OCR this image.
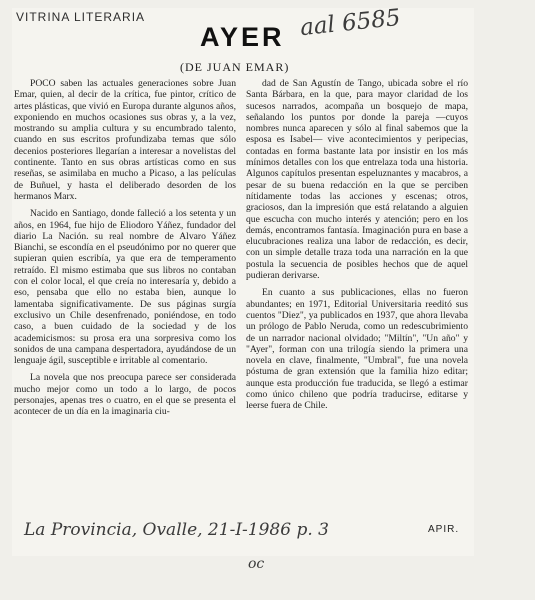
VITRINA LITERARIA	aal 6585
AYER
(DE JUAN EMAR)

POCO saben las actuales generaciones sobre Juan Emar, quien, al decir de la crítica, fue pintor, crítico de artes plásticas, que vivió en Europa durante algunos años, exponiendo en muchos ocasiones sus obras y, a la vez, mostrando su amplia cultura y su encumbrado talento, cuando en sus escritos profundizaba temas que sólo decenios posteriores llegarían a interesar a novelistas del continente. Tanto en sus obras artísticas como en sus reseñas, se asimilaba en mucho a Picaso, a las películas de Buñuel, y hasta el deliberado desorden de los hermanos Marx.

Nacido en Santiago, donde falleció a los setenta y un años, en 1964, fue hijo de Eliodoro Yáñez, fundador del diario La Nación. su real nombre de Alvaro Yáñez Bianchi, se escondía en el pseudónimo por no querer que supieran quien escribía, ya que era de temperamento retraído. El mismo estimaba que sus libros no contaban con el color local, el que creía no interesaría y, debido a eso, pensaba que ello no estaba bien, aunque lo lamentaba significativamente. De sus páginas surgía exclusivo un Chile desenfrenado, poniéndose, en todo caso, a buen cuidado de la sociedad y de los academicismos: su prosa era una sorpresiva como los sonidos de una campana despertadora, ayudándose de un lenguaje ágil, susceptible e irritable al comentario.

La novela que nos preocupa parece ser considerada mucho mejor como un todo a lo largo, de pocos personajes, apenas tres o cuatro, en el que se presenta el acontecer de un día en la imaginaria ciu-

dad de San Agustín de Tango, ubicada sobre el río Santa Bárbara, en la que, para mayor claridad de los sucesos narrados, acompaña un bosquejo de mapa, señalando los puntos por donde la pareja —cuyos nombres nunca aparecen y sólo al final sabemos que la esposa es Isabel— vive acontecimientos y peripecias, contadas en forma bastante lata por insistir en los más mínimos detalles con los que entrelaza toda una historia. Algunos capítulos presentan espeluznantes y macabros, a pesar de su buena redacción en la que se perciben nítidamente todas las acciones y escenas; otros, graciosos, dan la impresión que está relatando a alguien que escucha con mucho interés y atención; pero en los demás, encontramos fantasía. Imaginación pura en base a elucubraciones realiza una labor de redacción, es decir, con un simple detalle traza toda una narración en la que postula la secuencia de posibles hechos que de aquel pudieran derivarse.

En cuanto a sus publicaciones, ellas no fueron abundantes; en 1971, Editorial Universitaria reeditó sus cuentos "Diez", ya publicados en 1937, que ahora llevaba un prólogo de Pablo Neruda, como un redescubrimiento de un narrador nacional olvidado; "Miltín", "Un año" y "Ayer", forman con una trilogía siendo la primera una novela en clave, finalmente, "Umbral", fue una novela póstuma de gran extensión que la familia hizo editar; aunque esta producción fue traducida, se llegó a estimar como único chileno que podría traducirse, editarse y leerse fuera de Chile.

APIR.
La Provincia, Ovalle, 21-I-1986 p. 3
oc
